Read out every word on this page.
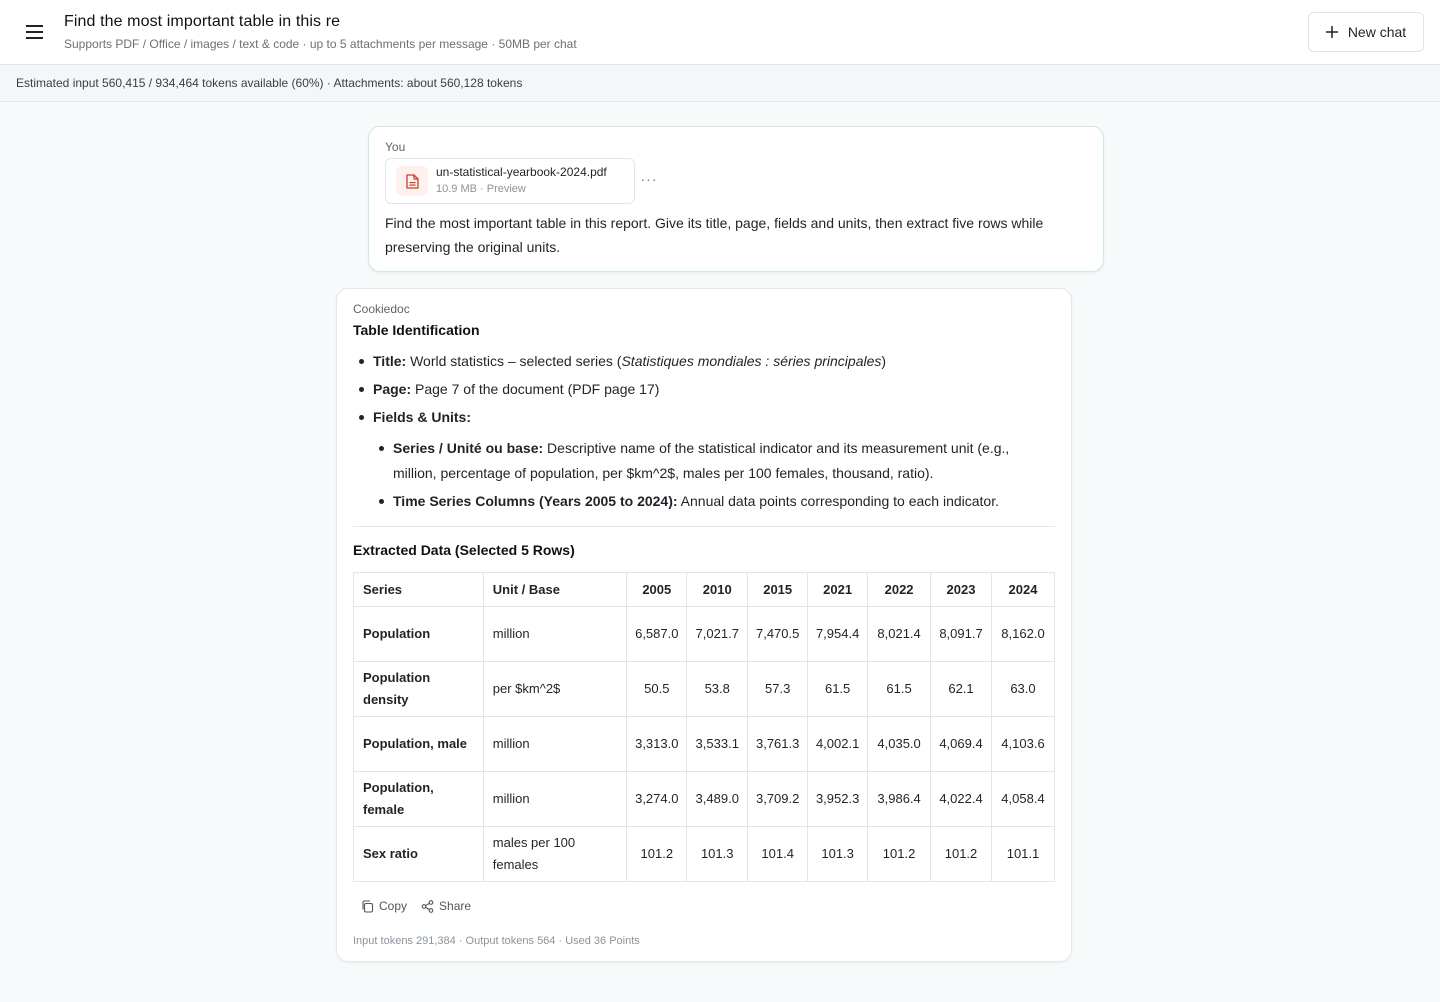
Find the most important table in this re
Supports PDF / Office / images / text & code · up to 5 attachments per message · 50MB per chat
New chat
Estimated input 560,415 / 934,464 tokens available (60%) · Attachments: about 560,128 tokens
You
un-statistical-yearbook-2024.pdf
10.9 MB · Preview
···
Find the most important table in this report. Give its title, page, fields and units, then extract five rows while preserving the original units.
Cookiedoc
Table Identification
Title: World statistics – selected series (Statistiques mondiales : séries principales)
Page: Page 7 of the document (PDF page 17)
Fields & Units:
Series / Unité ou base: Descriptive name of the statistical indicator and its measurement unit (e.g., million, percentage of population, per $km^2$, males per 100 females, thousand, ratio).
Time Series Columns (Years 2005 to 2024): Annual data points corresponding to each indicator.
Extracted Data (Selected 5 Rows)
Series	Unit / Base	2005	2010	2015	2021	2022	2023	2024
Population	million	6,587.0	7,021.7	7,470.5	7,954.4	8,021.4	8,091.7	8,162.0
Population density	per $km^2$	50.5	53.8	57.3	61.5	61.5	62.1	63.0
Population, male	million	3,313.0	3,533.1	3,761.3	4,002.1	4,035.0	4,069.4	4,103.6
Population, female	million	3,274.0	3,489.0	3,709.2	3,952.3	3,986.4	4,022.4	4,058.4
Sex ratio	males per 100 females	101.2	101.3	101.4	101.3	101.2	101.2	101.1
Copy	Share
Input tokens 291,384 · Output tokens 564 · Used 36 Points
